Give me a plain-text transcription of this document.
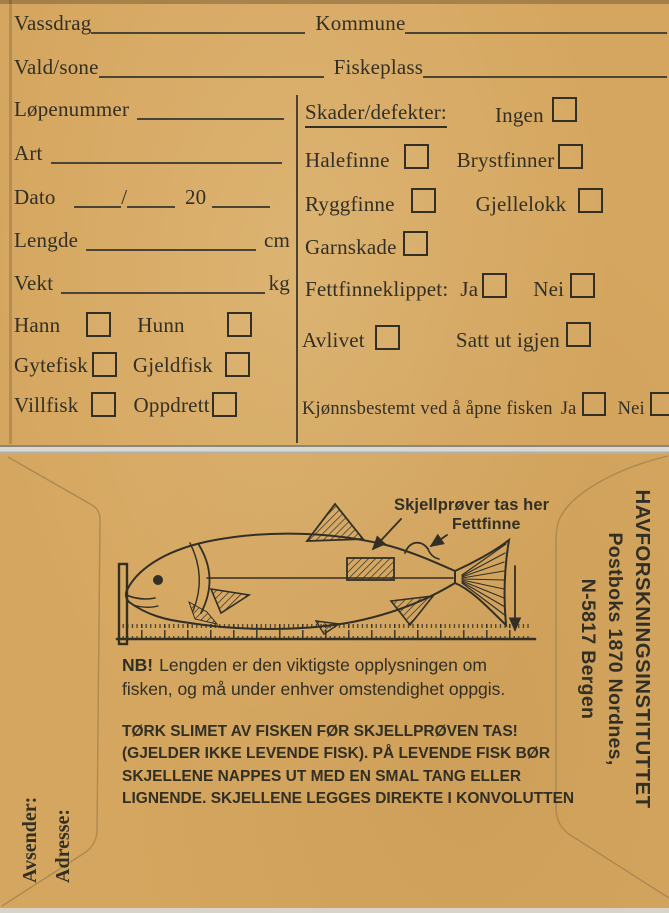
Vassdrag	Kommune
Vald/sone	Fiskeplass
Løpenummer
Art
Dato	/	20
Lengde	cm
Vekt	kg
Hann	Hunn
Gytefisk Gjeldfisk
Villfisk	Oppdrett
Skader/defekter: Ingen
Halefinne	Brystfinner
Ryggfinne	Gjellelokk
Garnskade
Fettfinneklippet: Ja	Nei
Avlivet	Satt ut igjen
Kjønnsbestemt ved å åpne fisken Ja Nei
Skjellprøver tas her
Fettfinne
NB! Lengden er den viktigste opplysningen om
fisken, og må under enhver omstendighet oppgis.
TØRK SLIMET AV FISKEN FØR SKJELLPRØVEN TAS!
(GJELDER IKKE LEVENDE FISK). PÅ LEVENDE FISK BØR
SKJELLENE NAPPES UT MED EN SMAL TANG ELLER
LIGNENDE. SKJELLENE LEGGES DIREKTE I KONVOLUTTEN	HAVFORSKNINGSINSTITUTTET
Postboks 1870 Nordnes,
N-5817 Bergen
Avsender: Adresse:
